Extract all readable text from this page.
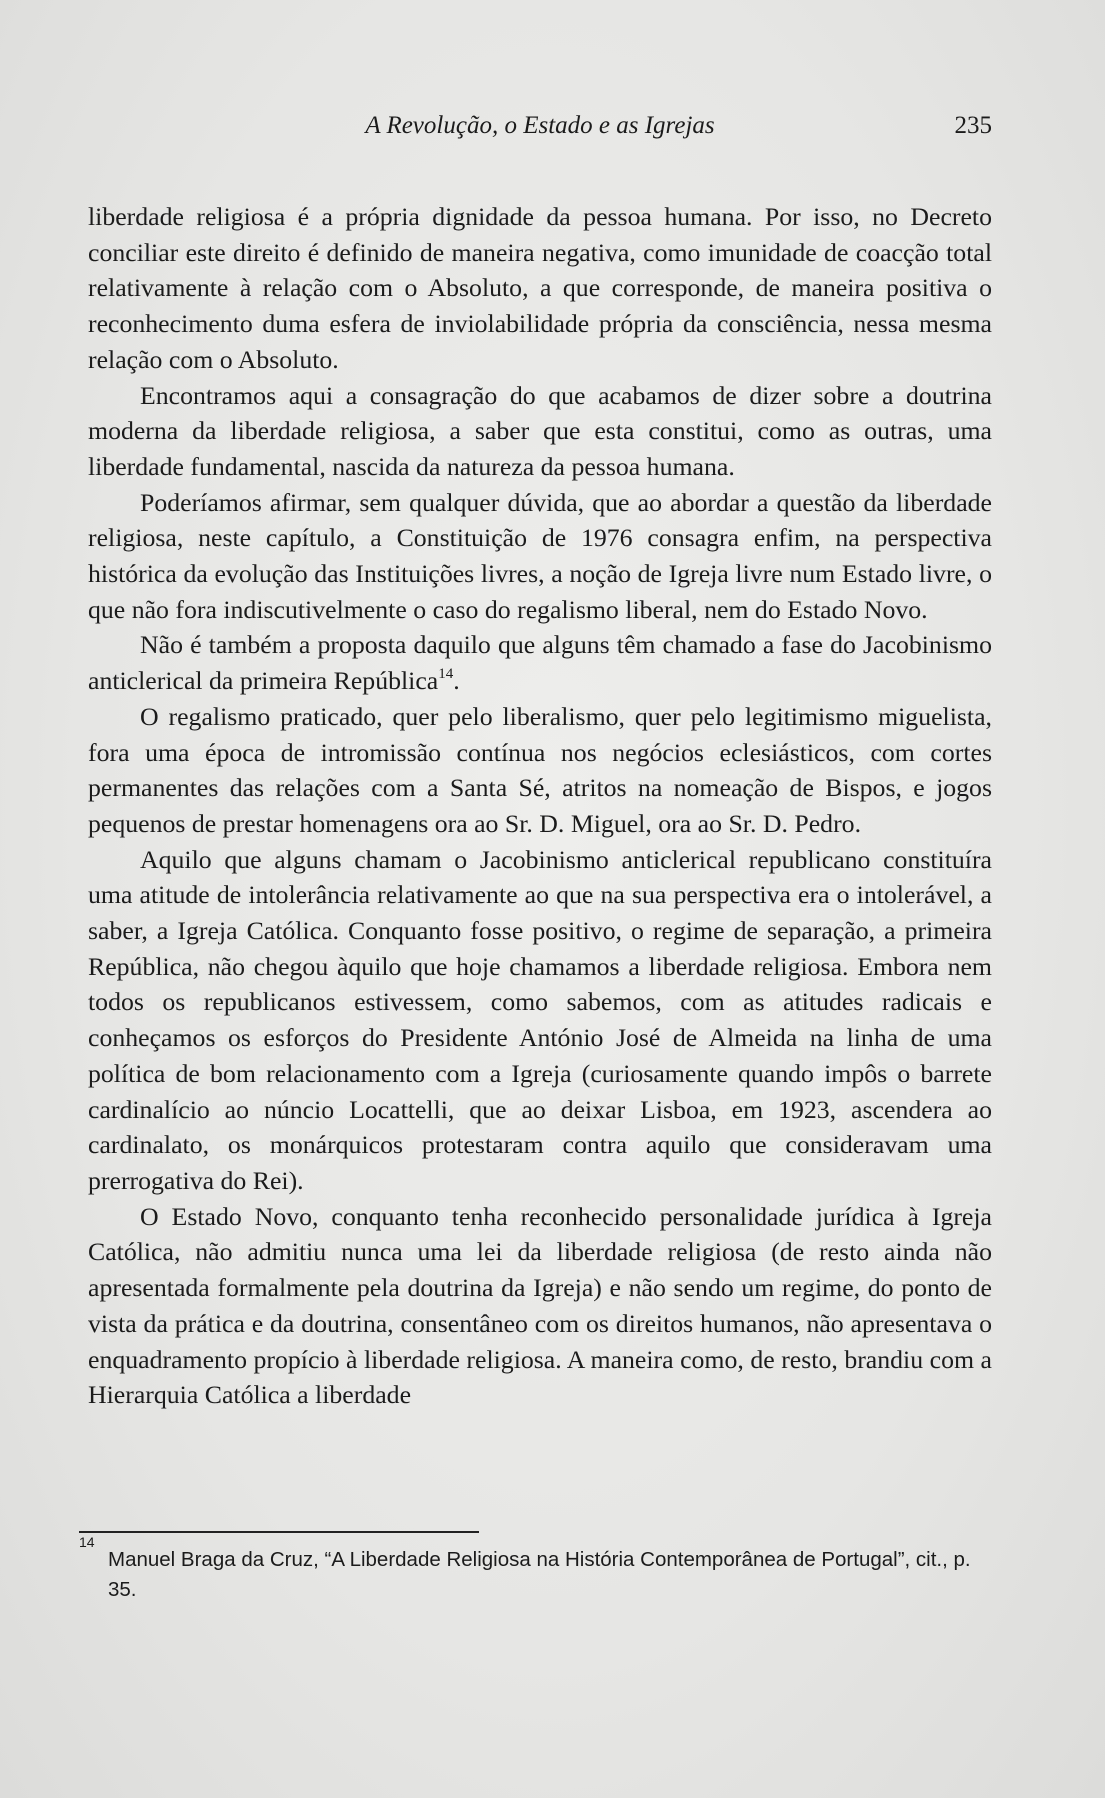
A Revolução, o Estado e as Igrejas	235

liberdade religiosa é a própria dignidade da pessoa humana. Por isso, no Decreto conciliar este direito é definido de maneira negativa, como imunidade de coacção total relativamente à relação com o Absoluto, a que corresponde, de maneira positiva o reconhecimento duma esfera de inviolabilidade própria da consciência, nessa mesma relação com o Absoluto.

Encontramos aqui a consagração do que acabamos de dizer sobre a doutrina moderna da liberdade religiosa, a saber que esta constitui, como as outras, uma liberdade fundamental, nascida da natureza da pessoa humana.

Poderíamos afirmar, sem qualquer dúvida, que ao abordar a questão da liberdade religiosa, neste capítulo, a Constituição de 1976 consagra enfim, na perspectiva histórica da evolução das Instituições livres, a noção de Igreja livre num Estado livre, o que não fora indiscutivelmente o caso do regalismo liberal, nem do Estado Novo.

Não é também a proposta daquilo que alguns têm chamado a fase do Jacobinismo anticlerical da primeira República$^{14}$.

O regalismo praticado, quer pelo liberalismo, quer pelo legitimismo miguelista, fora uma época de intromissão contínua nos negócios eclesiásticos, com cortes permanentes das relações com a Santa Sé, atritos na nomeação de Bispos, e jogos pequenos de prestar homenagens ora ao Sr. D. Miguel, ora ao Sr. D. Pedro.

Aquilo que alguns chamam o Jacobinismo anticlerical republicano constituíra uma atitude de intolerância relativamente ao que na sua perspectiva era o intolerável, a saber, a Igreja Católica. Conquanto fosse positivo, o regime de separação, a primeira República, não chegou àquilo que hoje chamamos a liberdade religiosa. Embora nem todos os republicanos estivessem, como sabemos, com as atitudes radicais e conheçamos os esforços do Presidente António José de Almeida na linha de uma política de bom relacionamento com a Igreja (curiosamente quando impôs o barrete cardinalício ao núncio Locattelli, que ao deixar Lisboa, em 1923, ascendera ao cardinalato, os monárquicos protestaram contra aquilo que consideravam uma prerrogativa do Rei).

O Estado Novo, conquanto tenha reconhecido personalidade jurídica à Igreja Católica, não admitiu nunca uma lei da liberdade religiosa (de resto ainda não apresentada formalmente pela doutrina da Igreja) e não sendo um regime, do ponto de vista da prática e da doutrina, consentâneo com os direitos humanos, não apresentava o enquadramento propício à liberdade religiosa. A maneira como, de resto, brandiu com a Hierarquia Católica a liberdade

14
Manuel Braga da Cruz, “A Liberdade Religiosa na História Contemporânea de Portugal”, cit., p. 35.
